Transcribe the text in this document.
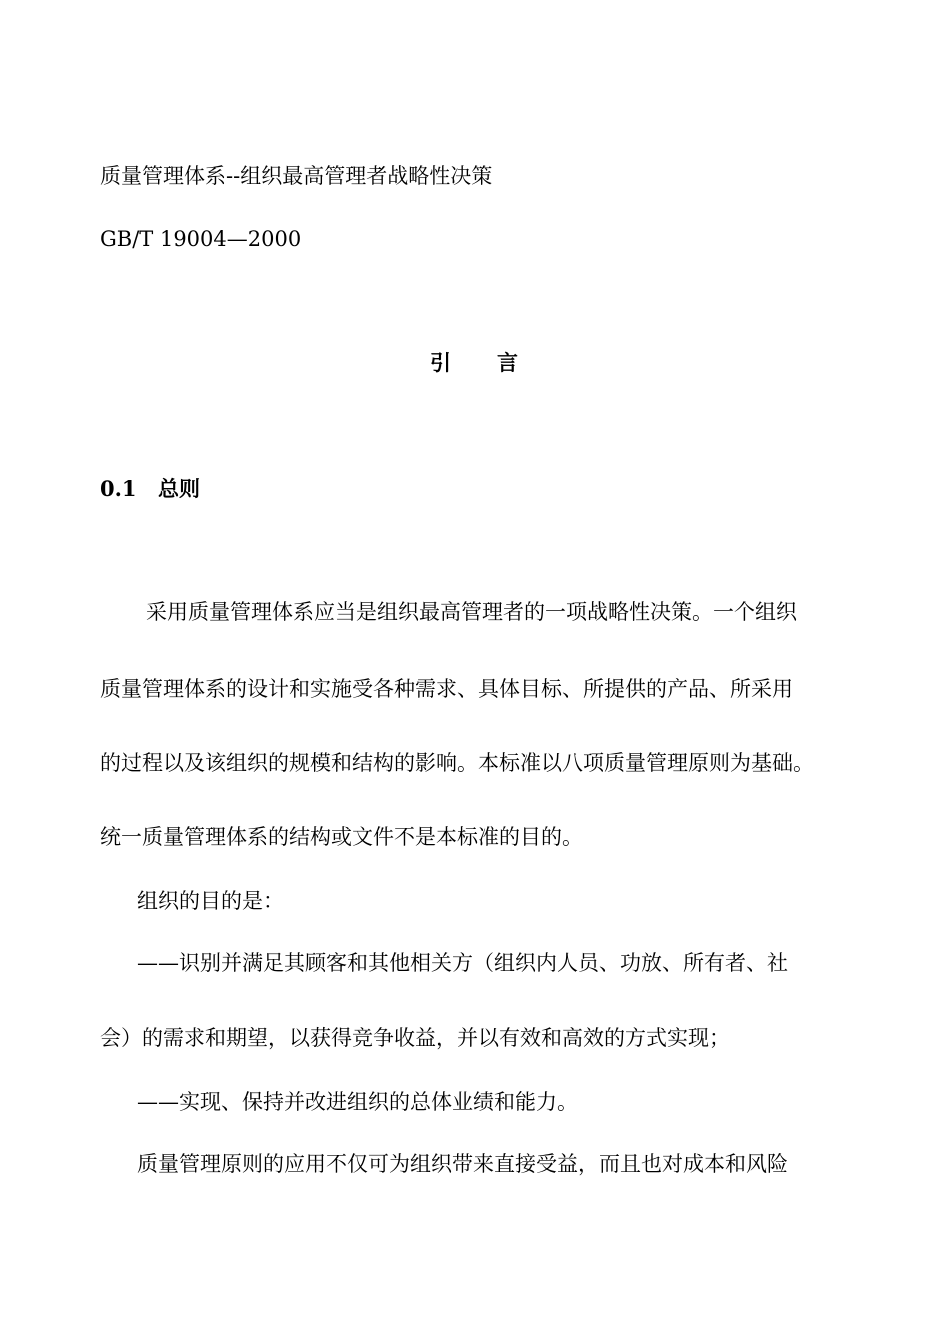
质量管理体系--组织最高管理者战略性决策
GB/T 19004—2000
引 言
0.1 总则
采用质量管理体系应当是组织最高管理者的一项战略性决策。一个组织
质量管理体系的设计和实施受各种需求、具体目标、所提供的产品、所采用
的过程以及该组织的规模和结构的影响。本标准以八项质量管理原则为基础。
统一质量管理体系的结构或文件不是本标准的目的。
组织的目的是：
——识别并满足其顾客和其他相关方（组织内人员、功放、所有者、社
会）的需求和期望，以获得竞争收益，并以有效和高效的方式实现；
——实现、保持并改进组织的总体业绩和能力。
质量管理原则的应用不仅可为组织带来直接受益，而且也对成本和风险
